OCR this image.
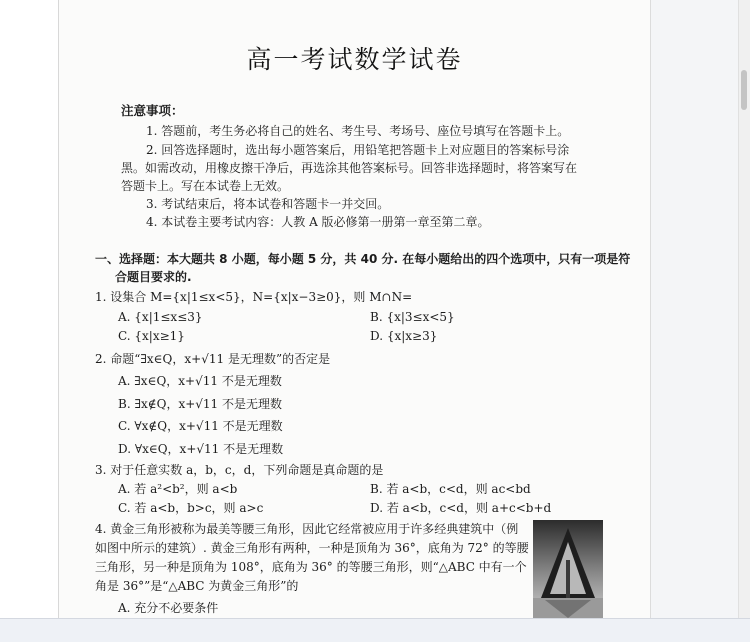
高一考试数学试卷
注意事项：
1. 答题前，考生务必将自己的姓名、考生号、考场号、座位号填写在答题卡上。
2. 回答选择题时，选出每小题答案后，用铅笔把答题卡上对应题目的答案标号涂
黑。如需改动，用橡皮擦干净后，再选涂其他答案标号。回答非选择题时，将答案写在
答题卡上。写在本试卷上无效。
3. 考试结束后，将本试卷和答题卡一并交回。
4. 本试卷主要考试内容：人教 A 版必修第一册第一章至第二章。
一、选择题：本大题共 8 小题，每小题 5 分，共 40 分. 在每小题给出的四个选项中，只有一项是符
合题目要求的.
1. 设集合 M={x|1≤x<5}，N={x|x−3≥0}，则 M∩N=
A. {x|1≤x≤3}	B. {x|3≤x<5}
C. {x|x≥1}	D. {x|x≥3}
2. 命题“∃x∈Q，x+√11 是无理数”的否定是
A. ∃x∈Q，x+√11 不是无理数
B. ∃x∉Q，x+√11 不是无理数
C. ∀x∉Q，x+√11 不是无理数
D. ∀x∈Q，x+√11 不是无理数
3. 对于任意实数 a，b，c，d，下列命题是真命题的是
A. 若 a²<b²，则 a<b	B. 若 a<b，c<d，则 ac<bd
C. 若 a<b，b>c，则 a>c	D. 若 a<b，c<d，则 a+c<b+d
4. 黄金三角形被称为最美等腰三角形，因此它经常被应用于许多经典建筑中（例
如图中所示的建筑）. 黄金三角形有两种，一种是顶角为 36°，底角为 72° 的等腰
三角形，另一种是顶角为 108°，底角为 36° 的等腰三角形，则“△ABC 中有一个
角是 36°”是“△ABC 为黄金三角形”的
A. 充分不必要条件
